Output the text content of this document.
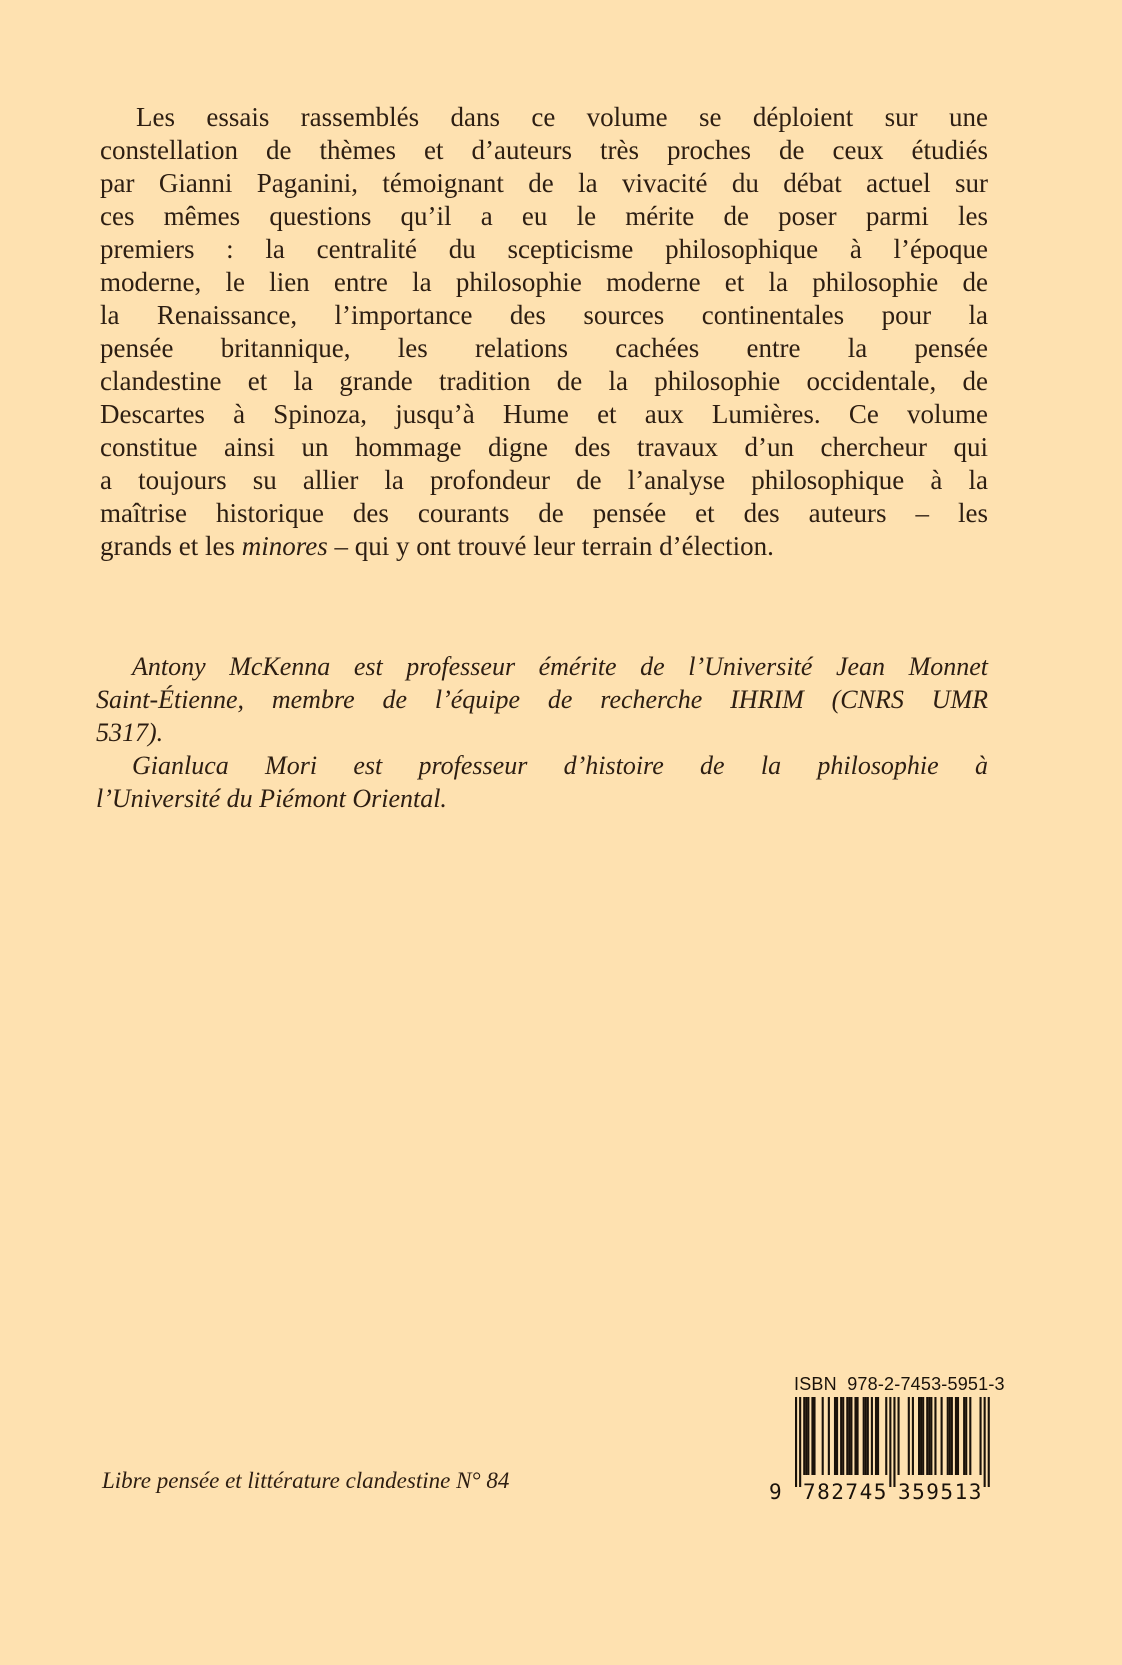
Les essais rassemblés dans ce volume se déploient sur une
constellation de thèmes et d’auteurs très proches de ceux étudiés
par Gianni Paganini, témoignant de la vivacité du débat actuel sur
ces mêmes questions qu’il a eu le mérite de poser parmi les
premiers : la centralité du scepticisme philosophique à l’époque
moderne, le lien entre la philosophie moderne et la philosophie de
la Renaissance, l’importance des sources continentales pour la
pensée britannique, les relations cachées entre la pensée
clandestine et la grande tradition de la philosophie occidentale, de
Descartes à Spinoza, jusqu’à Hume et aux Lumières. Ce volume
constitue ainsi un hommage digne des travaux d’un chercheur qui
a toujours su allier la profondeur de l’analyse philosophique à la
maîtrise historique des courants de pensée et des auteurs – les
grands et les minores – qui y ont trouvé leur terrain d’élection.
Antony McKenna est professeur émérite de l’Université Jean Monnet
Saint-Étienne, membre de l’équipe de recherche IHRIM (CNRS UMR
5317).
Gianluca Mori est professeur d’histoire de la philosophie à
l’Université du Piémont Oriental.
Libre pensée et littérature clandestine N° 84
ISBN  978-2-7453-5951-3
9 782745 359513
